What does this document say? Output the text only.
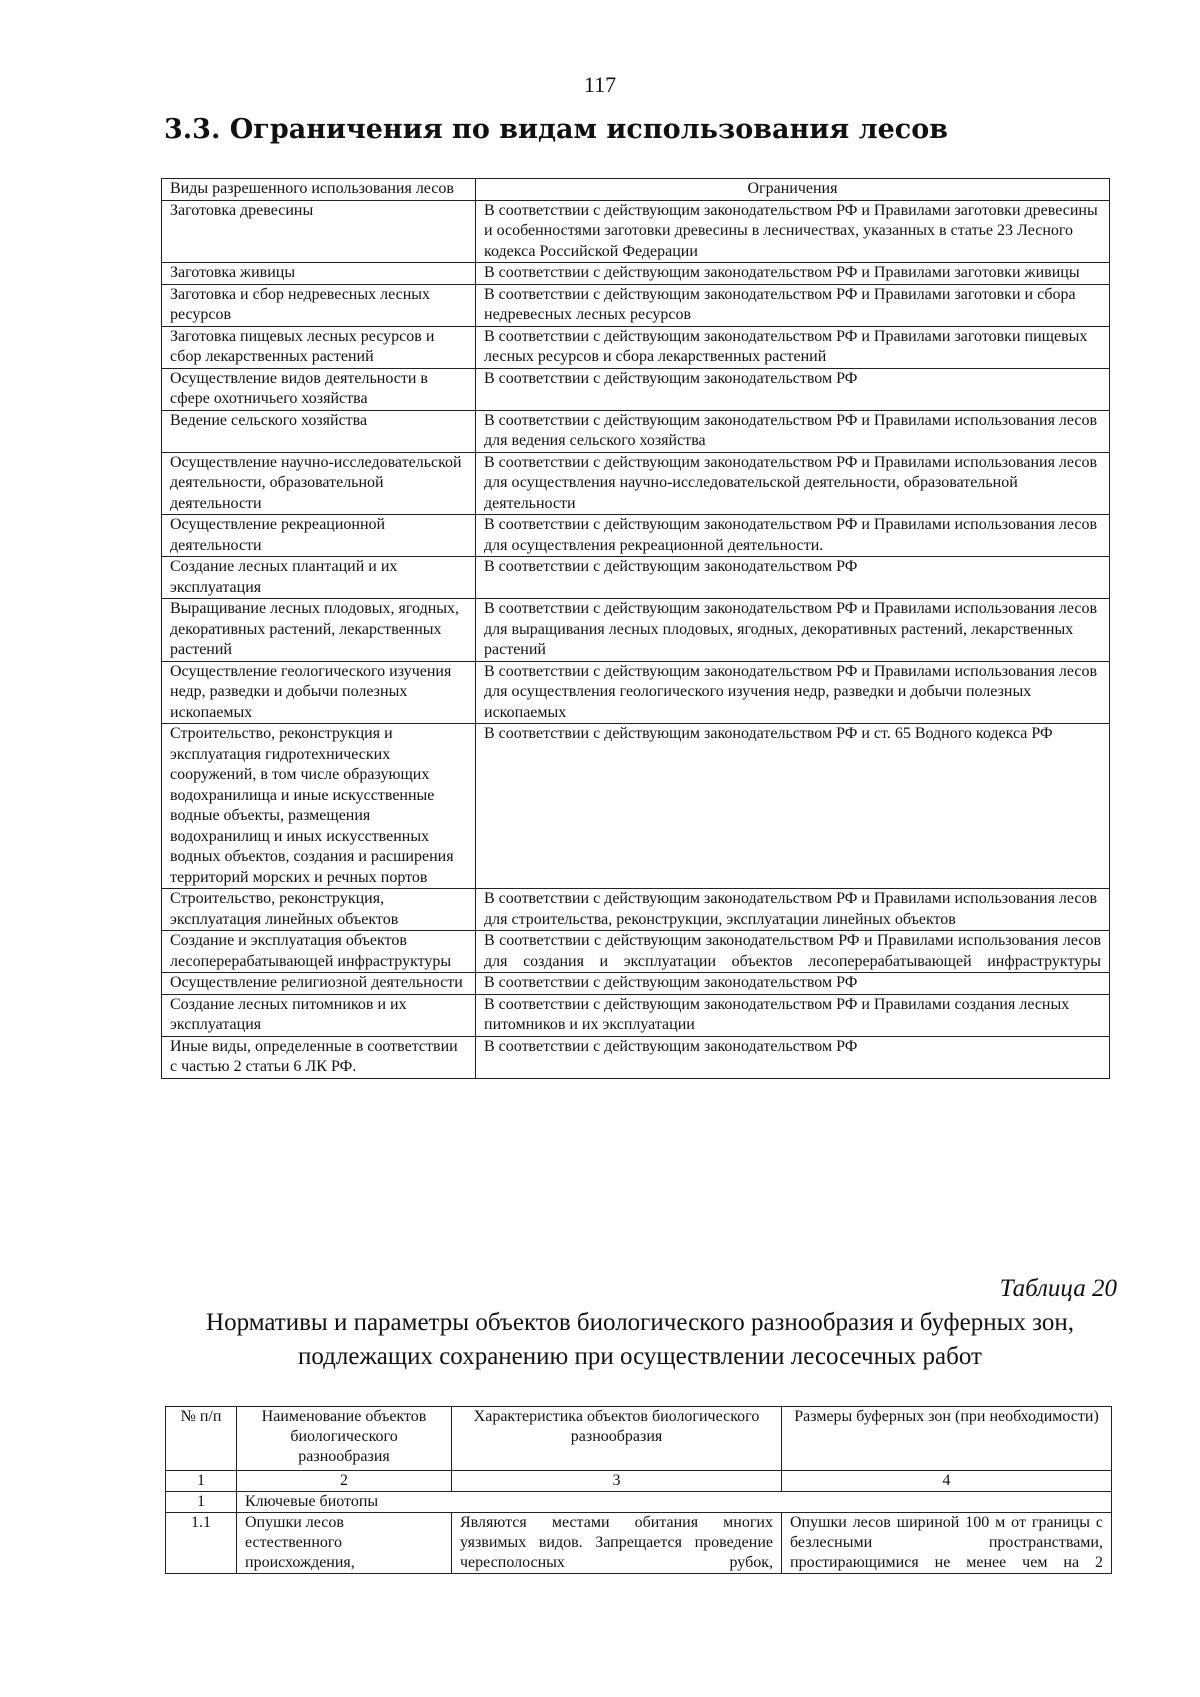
117
3.3. Ограничения по видам использования лесов
Виды разрешенного использования лесов	Ограничения
Заготовка древесины	В соответствии с действующим законодательством РФ и Правилами заготовки древесины и особенностями заготовки древесины в лесничествах, указанных в статье 23 Лесного кодекса Российской Федерации
Заготовка живицы	В соответствии с действующим законодательством РФ и Правилами заготовки живицы
Заготовка и сбор недревесных лесных ресурсов	В соответствии с действующим законодательством РФ и Правилами заготовки и сбора недревесных лесных ресурсов
Заготовка пищевых лесных ресурсов и сбор лекарственных растений	В соответствии с действующим законодательством РФ и Правилами заготовки пищевых лесных ресурсов и сбора лекарственных растений
Осуществление видов деятельности в сфере охотничьего хозяйства	В соответствии с действующим законодательством РФ
Ведение сельского хозяйства	В соответствии с действующим законодательством РФ и Правилами использования лесов для ведения сельского хозяйства
Осуществление научно-исследовательской деятельности, образовательной деятельности	В соответствии с действующим законодательством РФ и Правилами использования лесов для осуществления научно-исследовательской деятельности, образовательной деятельности
Осуществление рекреационной деятельности	В соответствии с действующим законодательством РФ и Правилами использования лесов для осуществления рекреационной деятельности.
Создание лесных плантаций и их эксплуатация	В соответствии с действующим законодательством РФ
Выращивание лесных плодовых, ягодных, декоративных растений, лекарственных растений	В соответствии с действующим законодательством РФ и Правилами использования лесов для выращивания лесных плодовых, ягодных, декоративных растений, лекарственных растений
Осуществление геологического изучения недр, разведки и добычи полезных ископаемых	В соответствии с действующим законодательством РФ и Правилами использования лесов для осуществления геологического изучения недр, разведки и добычи полезных ископаемых
Строительство, реконструкция и эксплуатация гидротехнических сооружений, в том числе образующих водохранилища и иные искусственные водные объекты, размещения водохранилищ и иных искусственных водных объектов, создания и расширения территорий морских и речных портов	В соответствии с действующим законодательством РФ и ст. 65 Водного кодекса РФ
Строительство, реконструкция, эксплуатация линейных объектов	В соответствии с действующим законодательством РФ и Правилами использования лесов для строительства, реконструкции, эксплуатации линейных объектов
Создание и эксплуатация объектов лесоперерабатывающей инфраструктуры	В соответствии с действующим законодательством РФ и Правилами использования лесов для создания и эксплуатации объектов лесоперерабатывающей инфраструктуры
Осуществление религиозной деятельности	В соответствии с действующим законодательством РФ
Создание лесных питомников и их эксплуатация	В соответствии с действующим законодательством РФ и Правилами создания лесных питомников и их эксплуатации
Иные виды, определенные в соответствии с частью 2 статьи 6 ЛК РФ.	В соответствии с действующим законодательством РФ
Таблица 20
Нормативы и параметры объектов биологического разнообразия и буферных зон, подлежащих сохранению при осуществлении лесосечных работ
№ п/п	Наименование объектов биологического разнообразия	Характеристика объектов биологического разнообразия	Размеры буферных зон (при необходимости)
1	2	3	4
1	Ключевые биотопы		
1.1	Опушки лесов естественного происхождения,	Являются местами обитания многих уязвимых видов. Запрещается проведение чересполосных рубок,	Опушки лесов шириной 100 м от границы с безлесными пространствами, простирающимися не менее чем на 2
